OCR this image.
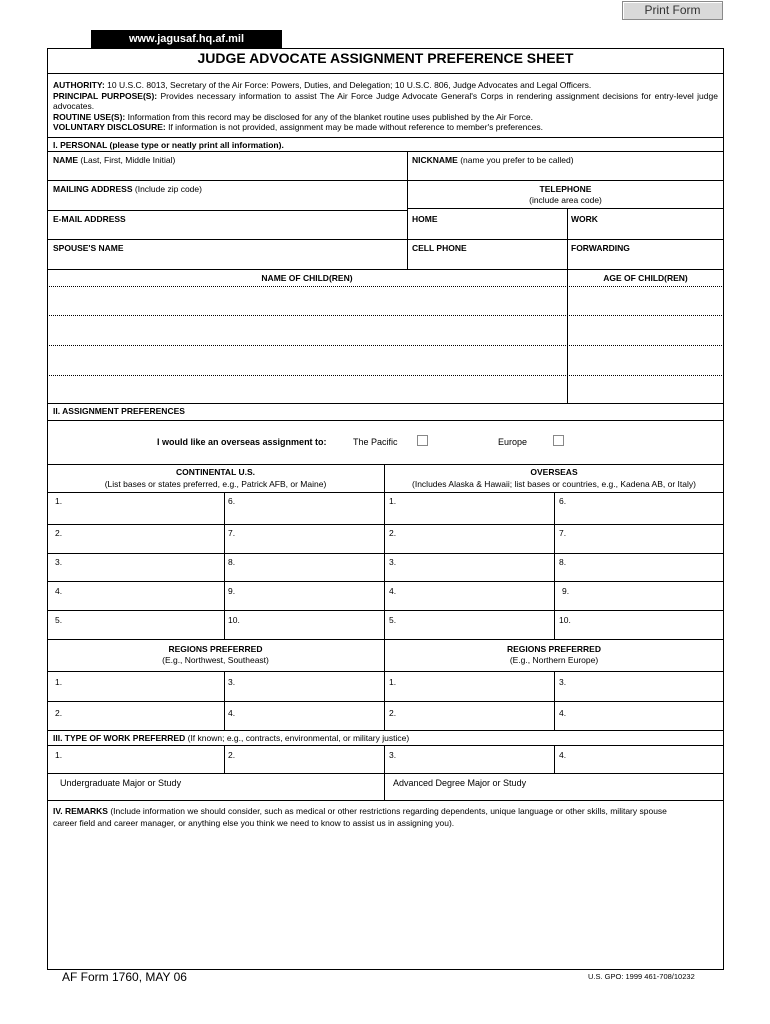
Print Form
www.jagusaf.hq.af.mil
JUDGE ADVOCATE ASSIGNMENT PREFERENCE SHEET
AUTHORITY: 10 U.S.C. 8013, Secretary of the Air Force: Powers, Duties, and Delegation; 10 U.S.C. 806, Judge Advocates and Legal Officers.
PRINCIPAL PURPOSE(S): Provides necessary information to assist The Air Force Judge Advocate General's Corps in rendering assignment decisions for entry-level judge advocates.
ROUTINE USE(S): Information from this record may be disclosed for any of the blanket routine uses published by the Air Force.
VOLUNTARY DISCLOSURE: If information is not provided, assignment may be made without reference to member's preferences.
I. PERSONAL (please type or neatly print all information).
NAME (Last, First, Middle Initial)	NICKNAME (name you prefer to be called)
MAILING ADDRESS (Include zip code)	TELEPHONE
(include area code)
E-MAIL ADDRESS	HOME	WORK
SPOUSE'S NAME	CELL PHONE	FORWARDING
NAME OF CHILD(REN)	AGE OF CHILD(REN)
II. ASSIGNMENT PREFERENCES
I would like an overseas assignment to:	The Pacific	Europe
CONTINENTAL U.S.
(List bases or states preferred, e.g., Patrick AFB, or Maine)
OVERSEAS
(Includes Alaska & Hawaii; list bases or countries, e.g., Kadena AB, or Italy)
1.	6.	1.	6.
2.	7.	2.	7.
3.	8.	3.	8.
4.	9.	4.	9.
5.	10.	5.	10.
REGIONS PREFERRED
(E.g., Northwest, Southeast)
REGIONS PREFERRED
(E.g., Northern Europe)
1.	3.	1.	3.
2.	4.	2.	4.
III. TYPE OF WORK PREFERRED (If known; e.g., contracts, environmental, or military justice)
1.	2.	3.	4.
Undergraduate Major or Study	Advanced Degree Major or Study
IV. REMARKS (Include information we should consider, such as medical or other restrictions regarding dependents, unique language or other skills, military spouse career field and career manager, or anything else you think we need to know to assist us in assigning you).
AF Form 1760, MAY 06	U.S. GPO: 1999 461-708/10232
